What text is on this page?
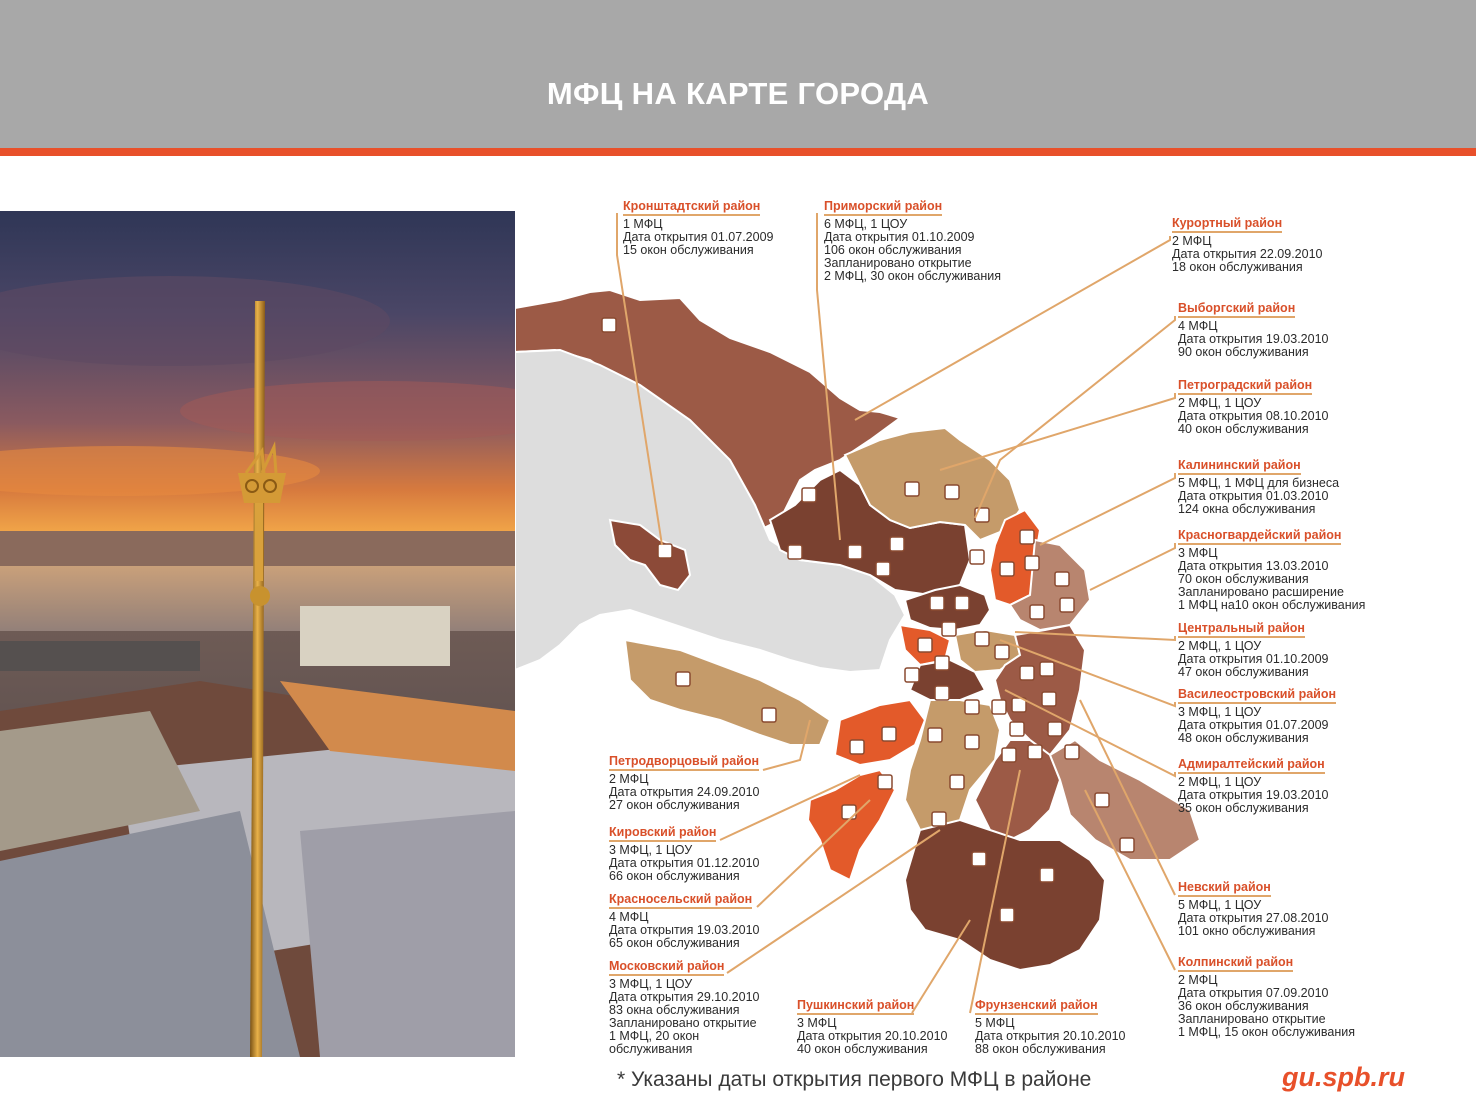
МФЦ НА КАРТЕ ГОРОДА
Кронштадтский район
1 МФЦ
Дата открытия 01.07.2009
15 окон обслуживания
Приморский район
6 МФЦ, 1 ЦОУ
Дата открытия 01.10.2009
106 окон обслуживания
Запланировано открытие
2 МФЦ, 30 окон обслуживания
Курортный район
2 МФЦ
Дата открытия 22.09.2010
18 окон обслуживания
Выборгский район
4 МФЦ
Дата открытия 19.03.2010
90 окон обслуживания
Петроградский район
2 МФЦ, 1 ЦОУ
Дата открытия 08.10.2010
40 окон обслуживания
Калининский район
5 МФЦ, 1 МФЦ для бизнеса
Дата открытия 01.03.2010
124 окна обслуживания
Красногвардейский район
3 МФЦ
Дата открытия 13.03.2010
70 окон обслуживания
Запланировано расширение
1 МФЦ на10 окон обслуживания
Центральный район
2 МФЦ, 1 ЦОУ
Дата открытия 01.10.2009
47 окон обслуживания
Василеостровский район
3 МФЦ, 1 ЦОУ
Дата открытия 01.07.2009
48 окон обслуживания
Адмиралтейский район
2 МФЦ, 1 ЦОУ
Дата открытия 19.03.2010
35 окон обслуживания
Невский район
5 МФЦ, 1 ЦОУ
Дата открытия 27.08.2010
101 окно обслуживания
Колпинский район
2 МФЦ
Дата открытия 07.09.2010
36 окон обслуживания
Запланировано открытие
1 МФЦ, 15 окон обслуживания
Петродворцовый район
2 МФЦ
Дата открытия 24.09.2010
27 окон обслуживания
Кировский район
3 МФЦ, 1 ЦОУ
Дата открытия 01.12.2010
66 окон обслуживания
Красносельский район
4 МФЦ
Дата открытия 19.03.2010
65 окон обслуживания
Московский район
3 МФЦ, 1 ЦОУ
Дата открытия 29.10.2010
83 окна обслуживания
Запланировано открытие
1 МФЦ, 20 окон
обслуживания
Пушкинский район
3 МФЦ
Дата открытия 20.10.2010
40 окон обслуживания
Фрунзенский район
5 МФЦ
Дата открытия 20.10.2010
88 окон обслуживания
* Указаны даты открытия первого МФЦ в районе	gu.spb.ru
